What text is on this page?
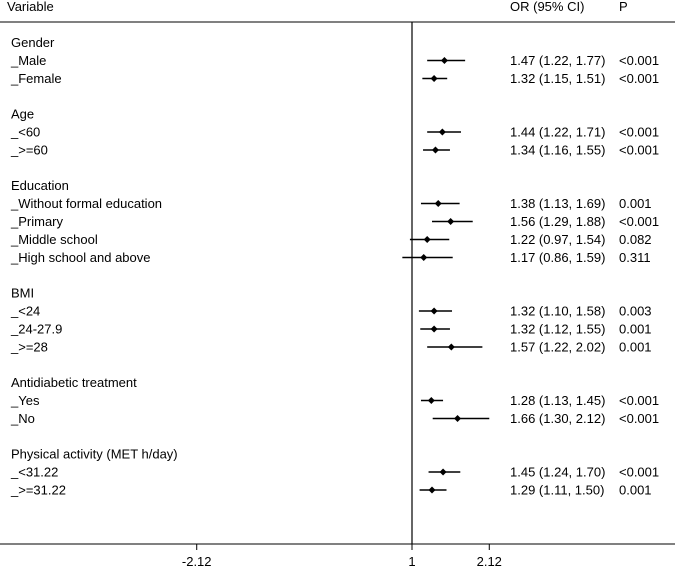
Variable	OR (95% CI)	P
Gender
_Male	1.47 (1.22, 1.77) <0.001
_Female	1.32 (1.15, 1.51) <0.001
Age
_<60	1.44 (1.22, 1.71) <0.001
_>=60	1.34 (1.16, 1.55) <0.001
Education
_Without formal education	1.38 (1.13, 1.69) 0.001
_Primary	1.56 (1.29, 1.88) <0.001
_Middle school	1.22 (0.97, 1.54) 0.082
_High school and above	1.17 (0.86, 1.59) 0.311
BMI
_<24	1.32 (1.10, 1.58) 0.003
_24-27.9	1.32 (1.12, 1.55) 0.001
_>=28	1.57 (1.22, 2.02) 0.001
Antidiabetic treatment
_Yes	1.28 (1.13, 1.45) <0.001
_No	1.66 (1.30, 2.12) <0.001
Physical activity (MET h/day)
_<31.22	1.45 (1.24, 1.70) <0.001
_>=31.22	1.29 (1.11, 1.50) 0.001
-2.12	1	2.12
